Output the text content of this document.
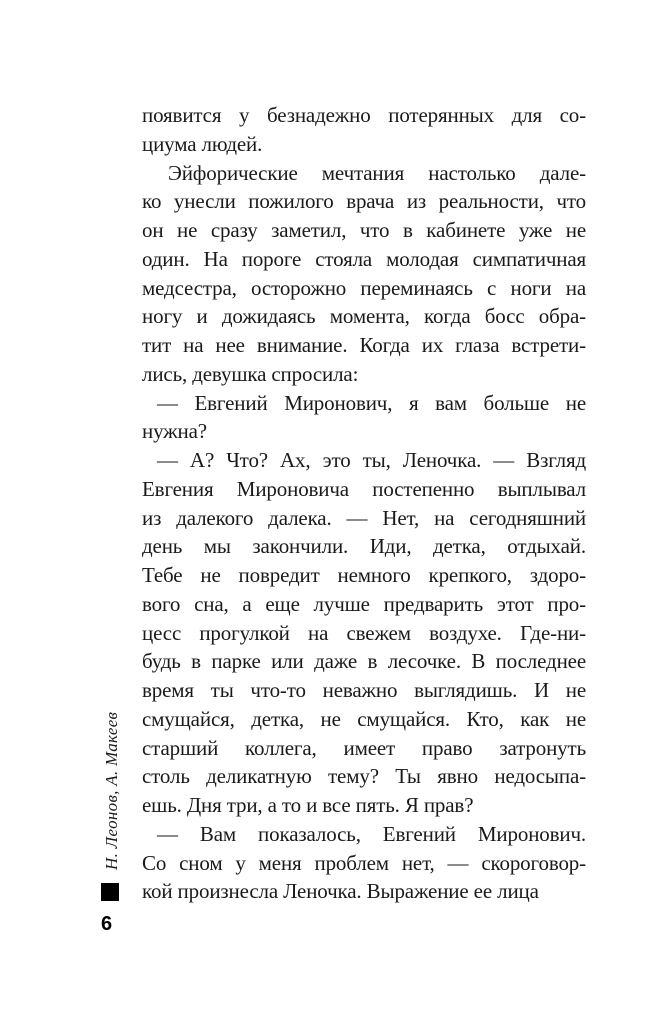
появится у безнадежно потерянных для со-
циума людей.
Эйфорические мечтания настолько дале-
ко унесли пожилого врача из реальности, что
он не сразу заметил, что в кабинете уже не
один. На пороге стояла молодая симпатичная
медсестра, осторожно переминаясь с ноги на
ногу и дожидаясь момента, когда босс обра-
тит на нее внимание. Когда их глаза встрети-
лись, девушка спросила:
— Евгений Миронович, я вам больше не
нужна?
— А? Что? Ах, это ты, Леночка. — Взгляд
Евгения Мироновича постепенно выплывал
из далекого далека. — Нет, на сегодняшний
день мы закончили. Иди, детка, отдыхай.
Тебе не повредит немного крепкого, здоро-
вого сна, а еще лучше предварить этот про-
цесс прогулкой на свежем воздухе. Где-ни-
будь в парке или даже в лесочке. В последнее
время ты что-то неважно выглядишь. И не
смущайся, детка, не смущайся. Кто, как не
старший коллега, имеет право затронуть
столь деликатную тему? Ты явно недосыпа-
ешь. Дня три, а то и все пять. Я прав?
— Вам показалось, Евгений Миронович.
Со сном у меня проблем нет, — скороговор-
кой произнесла Леночка. Выражение ее лица
Н. Леонов, А. Макеев
6
